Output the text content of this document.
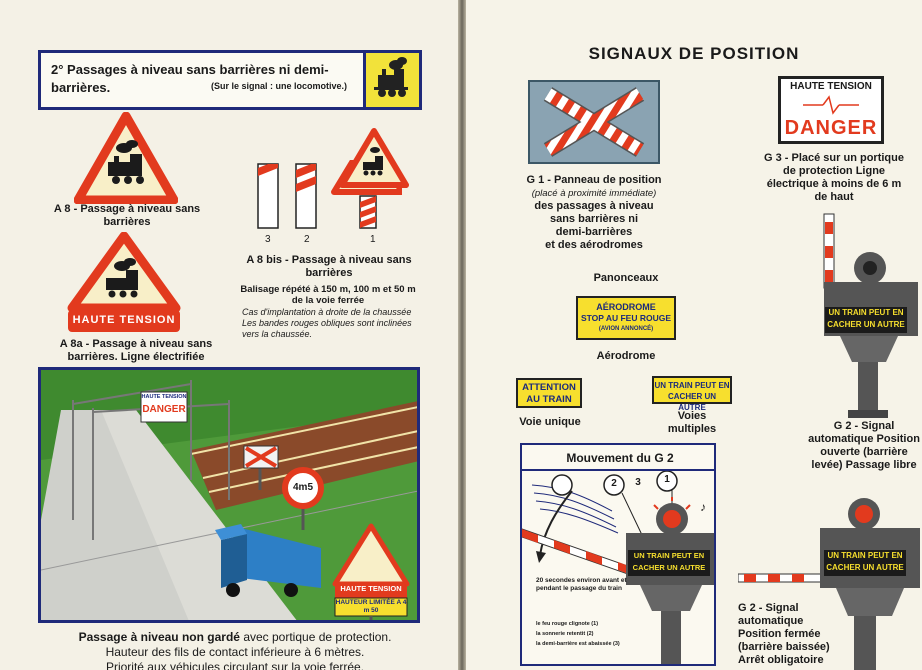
2° Passages à niveau sans barrières ni demi-barrières.	(Sur le signal : une locomotive.)
A 8 - Passage à niveau sans barrières
HAUTE TENSION
A 8a - Passage à niveau sans barrières. Ligne électrifiée
3	2	1
A 8 bis - Passage à niveau sans barrières
Balisage répété à 150 m, 100 m et 50 m de la voie ferrée
Cas d'implantation à droite de la chaussée
Les bandes rouges obliques sont inclinées vers la chaussée.
HAUTE TENSION
DANGER
4m5
HAUTE TENSION
HAUTEUR LIMITÉE A 4 m 50
Passage à niveau non gardé avec portique de protection.
Hauteur des fils de contact inférieure à 6 mètres.
Priorité aux véhicules circulant sur la voie ferrée.
SIGNAUX DE POSITION
G 1 - Panneau de position
(placé à proximité immédiate)
des passages à niveau
sans barrières ni
demi-barrières
et des aérodromes
HAUTE TENSION
DANGER
G 3 - Placé sur un portique de protection Ligne électrique à moins de 6 m de haut
UN TRAIN PEUT EN
CACHER UN AUTRE
G 2 - Signal automatique Position ouverte (barrière levée) Passage libre
Panonceaux
AÉRODROME
STOP AU FEU ROUGE
(AVION ANNONCÉ)
Aérodrome
ATTENTION
AU TRAIN
Voie unique
UN TRAIN PEUT EN
CACHER UN AUTRE
Voies multiples
Mouvement du G 2
♪
3
2	1
UN TRAIN PEUT EN
CACHER UN AUTRE
20 secondes environ avant et pendant le passage du train
le feu rouge clignote (1)
la sonnerie retentit (2)
la demi-barrière est abaissée (3)
UN TRAIN PEUT EN
CACHER UN AUTRE
G 2 - Signal automatique Position fermée (barrière baissée) Arrêt obligatoire
